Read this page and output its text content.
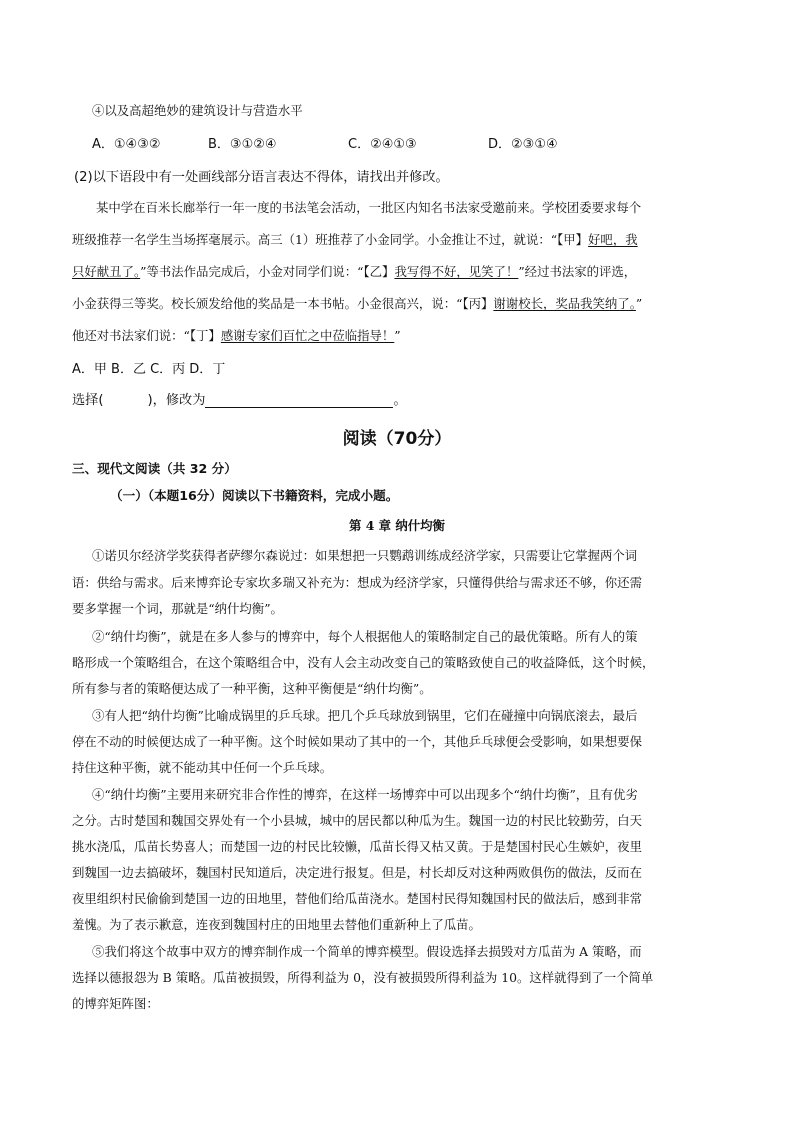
④以及高超绝妙的建筑设计与营造水平
A．①④③②	B．③①②④	C．②④①③	D．②③①④
(2)以下语段中有一处画线部分语言表达不得体，请找出并修改。
某中学在百米长廊举行一年一度的书法笔会活动，一批区内知名书法家受邀前来。学校团委要求每个
班级推荐一名学生当场挥毫展示。高三（1）班推荐了小金同学。小金推让不过，就说：“【甲】好吧，我
只好献丑了。”等书法作品完成后，小金对同学们说：“【乙】我写得不好，见笑了！”经过书法家的评选，
小金获得三等奖。校长颁发给他的奖品是一本书帖。小金很高兴，说：“【丙】谢谢校长，奖品我笑纳了。”
他还对书法家们说：“【丁】感谢专家们百忙之中莅临指导！”
A．甲 B．乙 C．丙 D．丁
选择(	)，修改为	。
阅读（70分）
三、现代文阅读（共 32 分）
（一）（本题16分）阅读以下书籍资料，完成小题。
第 4 章 纳什均衡
①诺贝尔经济学奖获得者萨缪尔森说过：如果想把一只鹦鹉训练成经济学家，只需要让它掌握两个词
语：供给与需求。后来博弈论专家坎多瑞又补充为：想成为经济学家，只懂得供给与需求还不够，你还需
要多掌握一个词，那就是“纳什均衡”。
②“纳什均衡”，就是在多人参与的博弈中，每个人根据他人的策略制定自己的最优策略。所有人的策
略形成一个策略组合，在这个策略组合中，没有人会主动改变自己的策略致使自己的收益降低，这个时候，
所有参与者的策略便达成了一种平衡，这种平衡便是“纳什均衡”。
③有人把“纳什均衡”比喻成锅里的乒乓球。把几个乒乓球放到锅里，它们在碰撞中向锅底滚去，最后
停在不动的时候便达成了一种平衡。这个时候如果动了其中的一个，其他乒乓球便会受影响，如果想要保
持住这种平衡，就不能动其中任何一个乒乓球。
④“纳什均衡”主要用来研究非合作性的博弈，在这样一场博弈中可以出现多个“纳什均衡”，且有优劣
之分。古时楚国和魏国交界处有一个小县城，城中的居民都以种瓜为生。魏国一边的村民比较勤劳，白天
挑水浇瓜，瓜苗长势喜人；而楚国一边的村民比较懒，瓜苗长得又枯又黄。于是楚国村民心生嫉妒，夜里
到魏国一边去搞破坏，魏国村民知道后，决定进行报复。但是，村长却反对这种两败俱伤的做法，反而在
夜里组织村民偷偷到楚国一边的田地里，替他们给瓜苗浇水。楚国村民得知魏国村民的做法后，感到非常
羞愧。为了表示歉意，连夜到魏国村庄的田地里去替他们重新种上了瓜苗。
⑤我们将这个故事中双方的博弈制作成一个简单的博弈模型。假设选择去损毁对方瓜苗为 A 策略，而
选择以德报怨为 B 策略。瓜苗被损毁，所得利益为 0，没有被损毁所得利益为 10。这样就得到了一个简单
的博弈矩阵图：
